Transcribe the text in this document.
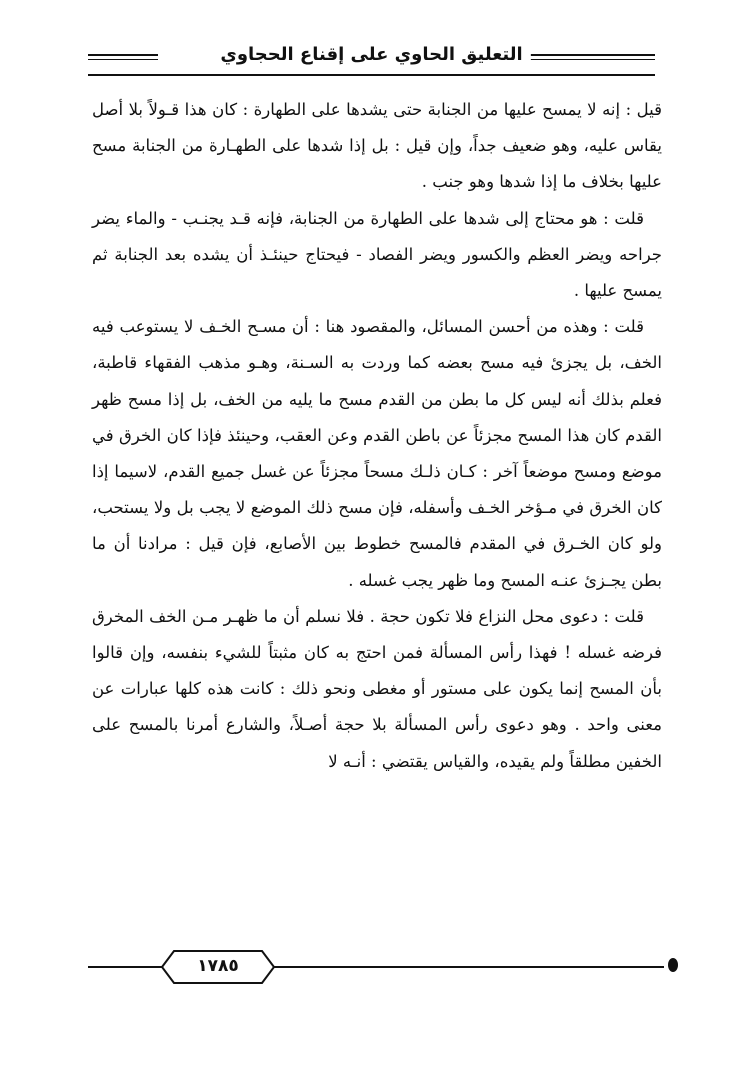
التعليق الحاوي على إقناع الحجاوي

قيل : إنه لا يمسح عليها من الجنابة حتى يشدها على الطهارة : كان هذا قـولاً بلا أصل يقاس عليه، وهو ضعيف جداً، وإن قيل : بل إذا شدها على الطهـارة من الجنابة مسح عليها بخلاف ما إذا شدها وهو جنب .

قلت : هو محتاج إلى شدها على الطهارة من الجنابة، فإنه قـد يجنـب - والماء يضر جراحه ويضر العظم والكسور ويضر الفصاد - فيحتاج حينئـذ أن يشده بعد الجنابة ثم يمسح عليها .

قلت : وهذه من أحسن المسائل، والمقصود هنا : أن مسـح الخـف لا يستوعب فيه الخف، بل يجزئ فيه مسح بعضه كما وردت به السـنة، وهـو مذهب الفقهاء قاطبة، فعلم بذلك أنه ليس كل ما بطن من القدم مسح ما يليه من الخف، بل إذا مسح ظهر القدم كان هذا المسح مجزئاً عن باطن القدم وعن العقب، وحينئذ فإذا كان الخرق في موضع ومسح موضعاً آخر : كـان ذلـك مسحاً مجزئاً عن غسل جميع القدم، لاسيما إذا كان الخرق في مـؤخر الخـف وأسفله، فإن مسح ذلك الموضع لا يجب بل ولا يستحب، ولو كان الخـرق في المقدم فالمسح خطوط بين الأصابع، فإن قيل : مرادنا أن ما بطن يجـزئ عنـه المسح وما ظهر يجب غسله .

قلت : دعوى محل النزاع فلا تكون حجة . فلا نسلم أن ما ظهـر مـن الخف المخرق فرضه غسله ! فهذا رأس المسألة فمن احتج به كان مثبتاً للشيء بنفسه، وإن قالوا بأن المسح إنما يكون على مستور أو مغطى ونحو ذلك : كانت هذه كلها عبارات عن معنى واحد . وهو دعوى رأس المسألة بلا حجة أصـلاً، والشارع أمرنا بالمسح على الخفين مطلقاً ولم يقيده، والقياس يقتضي : أنـه لا

١٧٨٥
